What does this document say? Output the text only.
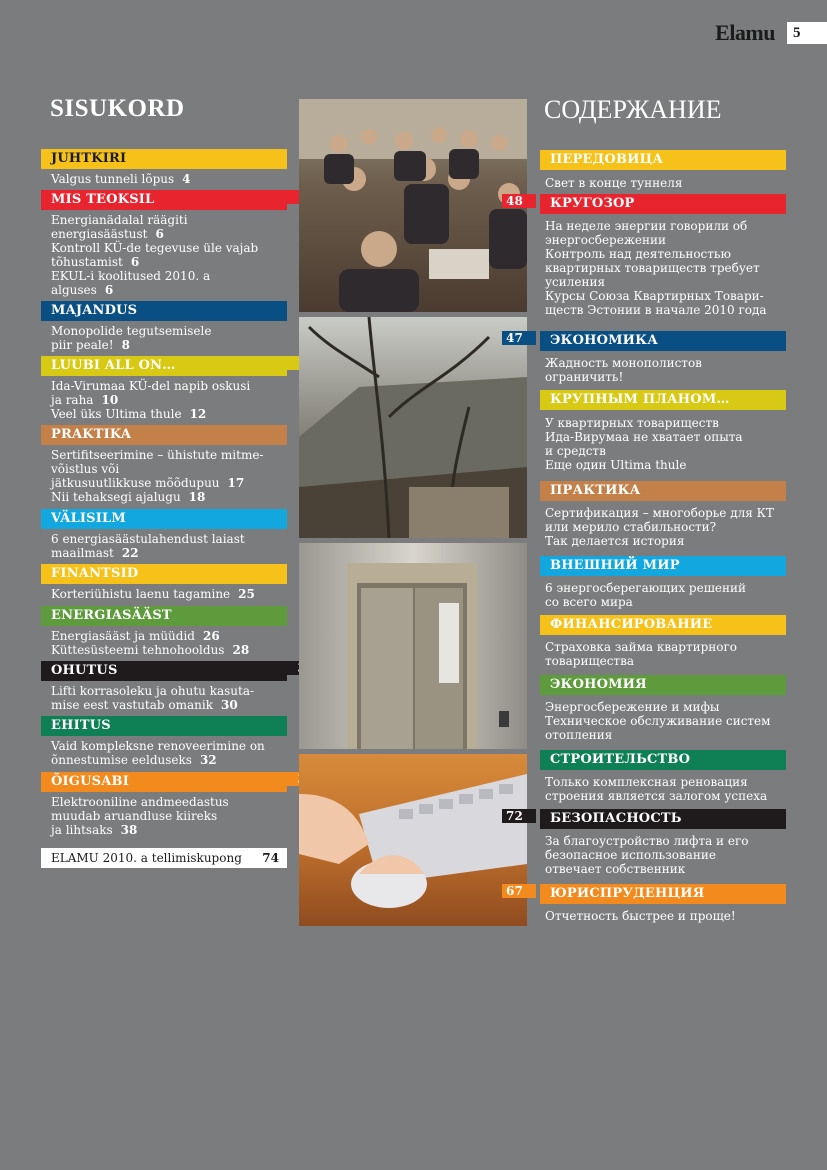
Elamu	5
SISUKORD	СОДЕРЖАНИЕ
JUHTKIRI
Valgus tunneli lõpus 4
MIS TEOKSIL
Energianädalal räägiti
energiasäästust 6
Kontroll KÜ-de tegevuse üle vajab
tõhustamist 6
EKUL-i koolitused 2010. a
alguses 6
MAJANDUS
Monopolide tegutsemisele
piir peale! 8
LUUBI ALL ON…
Ida-Virumaa KÜ-del napib oskusi
ja raha 10
Veel üks Ultima thule 12
PRAKTIKA
Sertifitseerimine – ühistute mitme-
võistlus või
jätkusuutlikkuse mõõdupuu 17
Nii tehaksegi ajalugu 18
VÄLISILM
6 energiasäästulahendust laiast
maailmast 22
FINANTSID
Korteriühistu laenu tagamine 25
ENERGIASÄÄST
Energiasääst ja müüdid 26
Küttesüsteemi tehnohooldus 28
OHUTUS
Lifti korrasoleku ja ohutu kasuta-
mise eest vastutab omanik 30
EHITUS
Vaid kompleksne renoveerimine on
õnnestumise eelduseks 32
ÕIGUSABI
Elektrooniline andmeedastus
muudab aruandluse kiireks
ja lihtsaks 38
ELAMU 2010. a tellimiskupong 74
ПЕРЕДОВИЦА
Свет в конце туннеля
КРУГОЗОР
48
На неделе энергии говорили об
энергосбережении
Контроль над деятельностью
квартирных товариществ требует
усиления
Курсы Союза Квартирных Товари-
ществ Эстонии в начале 2010 года
ЭКОНОМИКА
47
Жадность монополистов
ограничить!
КРУПНЫМ ПЛАНОМ…
У квартирных товариществ
Ида-Вирумаа не хватает опыта
и средств
Еще один Ultima thule
ПРАКТИКА
Сертификация – многоборье для КТ
или мерило стабильности?
Так делается история
ВНЕШНИЙ МИР
6 энергосберегающих решений
со всего мира
ФИНАНСИРОВАНИЕ
Страховка займа квартирного
товарищества
ЭКОНОМИЯ
Энергосбережение и мифы
Техническое обслуживание систем
отопления
СТРОИТЕЛЬСТВО
Только комплексная реновация
строения является залогом успеха
БЕЗОПАСНОСТЬ
72
За благоустройство лифта и его
безопасное использование
отвечает собственник
ЮРИСПРУДЕНЦИЯ
67
Отчетность быстрее и проще!
